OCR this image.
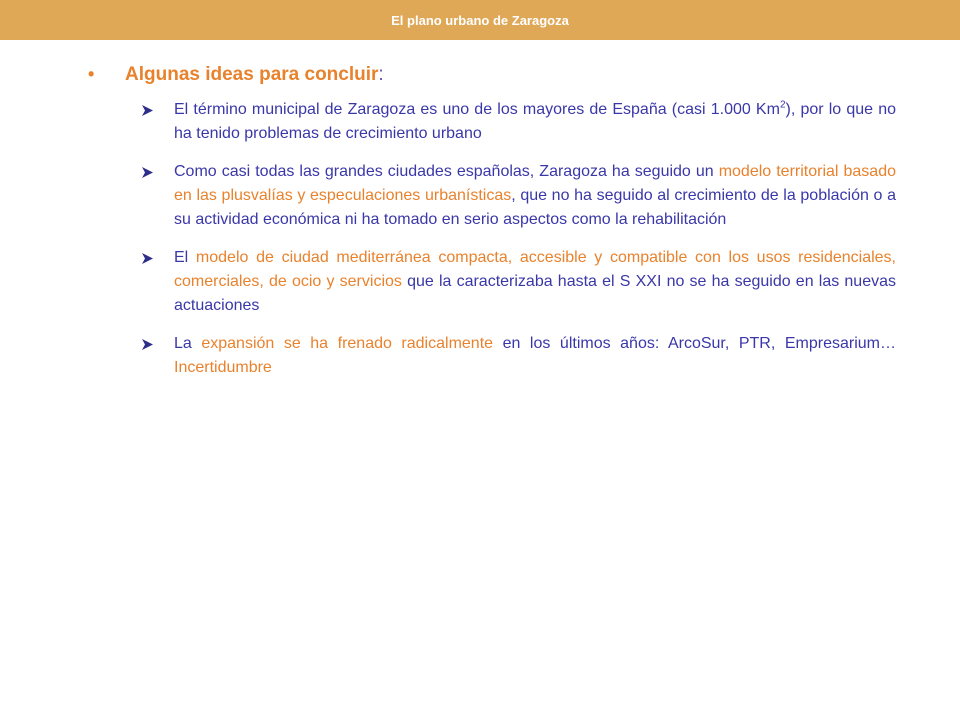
El plano urbano de Zaragoza
•	Algunas ideas para concluir :
El término municipal de Zaragoza es uno de los mayores de España (casi 1.000 Km$^2$), por lo que no ha tenido problemas de crecimiento urbano
Como casi todas las grandes ciudades españolas, Zaragoza ha seguido un modelo territorial basado en las plusvalías y especulaciones urbanísticas, que no ha seguido al crecimiento de la población o a su actividad económica ni ha tomado en serio aspectos como la rehabilitación
El modelo de ciudad mediterránea compacta, accesible y compatible con los usos residenciales, comerciales, de ocio y servicios que la caracterizaba hasta el S XXI no se ha seguido en las nuevas actuaciones
La expansión se ha frenado radicalmente en los últimos años: ArcoSur, PTR, Empresarium… Incertidumbre
